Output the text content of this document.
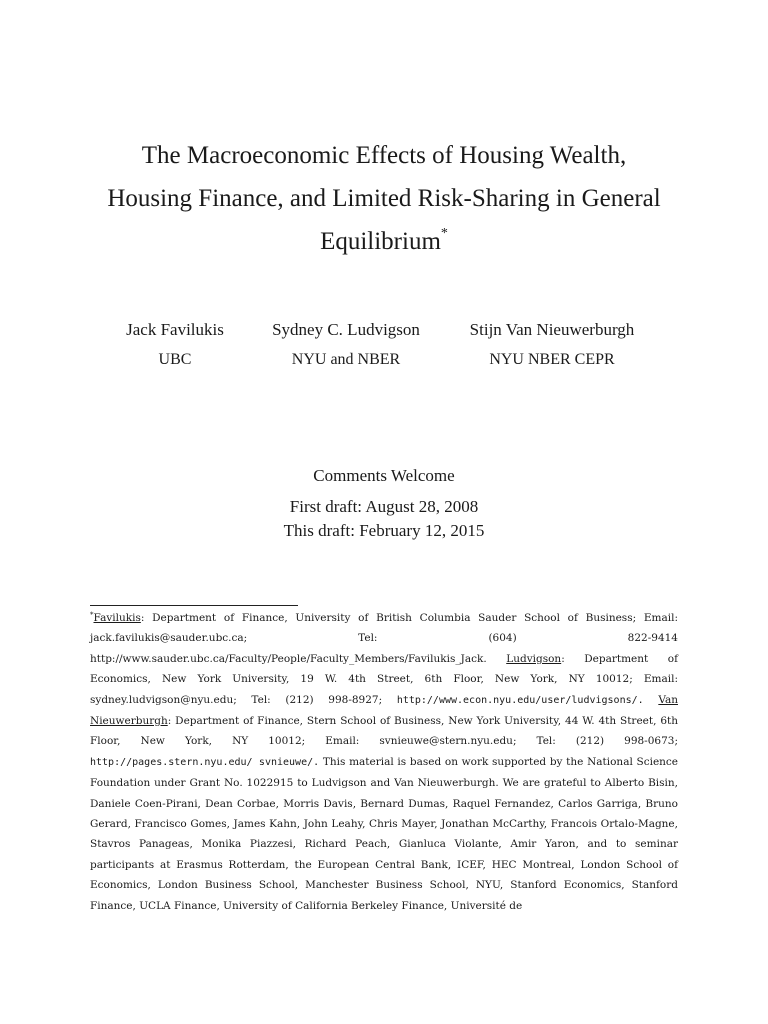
The Macroeconomic Effects of Housing Wealth,
Housing Finance, and Limited Risk-Sharing in General
Equilibrium*
Jack Favilukis
UBC
Sydney C. Ludvigson
NYU and NBER
Stijn Van Nieuwerburgh
NYU NBER CEPR
Comments Welcome
First draft: August 28, 2008
This draft: February 12, 2015

*Favilukis: Department of Finance, University of British Columbia Sauder School of Business; Email: jack.favilukis@sauder.ubc.ca; Tel: (604) 822-9414 http://www.sauder.ubc.ca/Faculty/People/Faculty_Members/Favilukis_Jack. Ludvigson: Department of Economics, New York University, 19 W. 4th Street, 6th Floor, New York, NY 10012; Email: sydney.ludvigson@nyu.edu; Tel: (212) 998-8927; http://www.econ.nyu.edu/user/ludvigsons/. Van Nieuwerburgh: Department of Finance, Stern School of Business, New York University, 44 W. 4th Street, 6th Floor, New York, NY 10012; Email: svnieuwe@stern.nyu.edu; Tel: (212) 998-0673; http://pages.stern.nyu.edu/ svnieuwe/. This material is based on work supported by the National Science Foundation under Grant No. 1022915 to Ludvigson and Van Nieuwerburgh. We are grateful to Alberto Bisin, Daniele Coen-Pirani, Dean Corbae, Morris Davis, Bernard Dumas, Raquel Fernandez, Carlos Garriga, Bruno Gerard, Francisco Gomes, James Kahn, John Leahy, Chris Mayer, Jonathan McCarthy, Francois Ortalo-Magne, Stavros Panageas, Monika Piazzesi, Richard Peach, Gianluca Violante, Amir Yaron, and to seminar participants at Erasmus Rotterdam, the European Central Bank, ICEF, HEC Montreal, London School of Economics, London Business School, Manchester Business School, NYU, Stanford Economics, Stanford Finance, UCLA Finance, University of California Berkeley Finance, Université de
